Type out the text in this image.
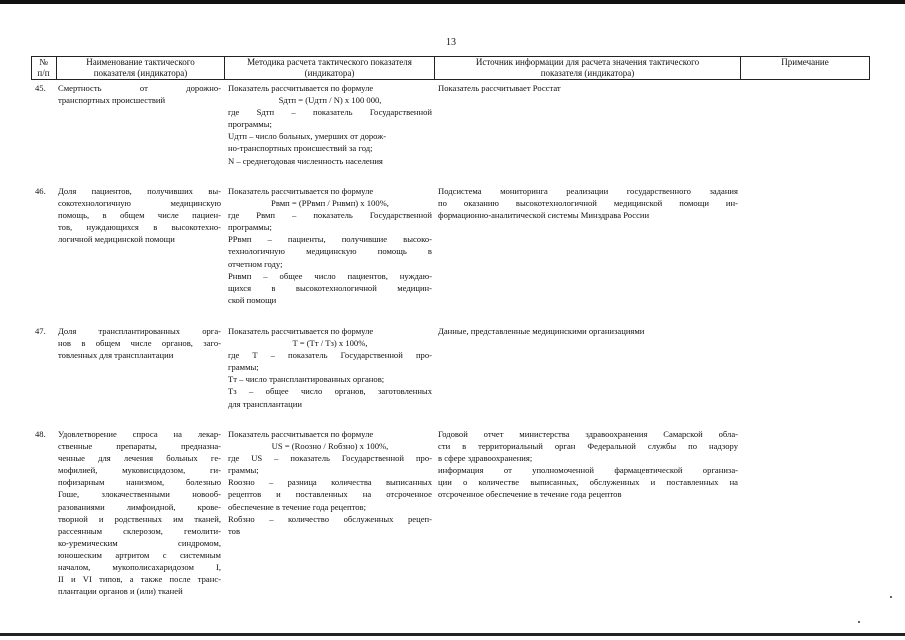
13
№
п/п
Наименование тактического
показателя (индикатора)
Методика расчета тактического показателя
(индикатора)
Источник информации для расчета значения тактического
показателя (индикатора)
Примечание
45. Смертность от дорожно-
транспортных происшествий
Показатель рассчитывается по формуле
Sдтп = (Uдтп / N) x 100 000,
где Sдтп – показатель Государственной
программы;
Uдтп – число больных, умерших от дорож-
но-транспортных происшествий за год;
N – среднегодовая численность населения
Показатель рассчитывает Росстат
46. Доля пациентов, получивших вы-
сокотехнологичную медицинскую
помощь, в общем числе пациен-
тов, нуждающихся в высокотехно-
логичной медицинской помощи
Показатель рассчитывается по формуле
Pвмп = (PPвмп / Pнвмп) x 100%,
где Pвмп – показатель Государственной
программы;
PPвмп – пациенты, получившие высоко-
технологичную медицинскую помощь в
отчетном году;
Pнвмп – общее число пациентов, нуждаю-
щихся в высокотехнологичной медицин-
ской помощи
Подсистема мониторинга реализации государственного задания
по оказанию высокотехнологичной медицинской помощи ин-
формационно-аналитической системы Минздрава России
47. Доля трансплантированных орга-
нов в общем числе органов, заго-
товленных для трансплантации
Показатель рассчитывается по формуле
T = (Tт / Tз) x 100%,
где T – показатель Государственной про-
граммы;
Tт – число трансплантированных органов;
Tз – общее число органов, заготовленных
для трансплантации
Данные, представленные медицинскими организациями
48. Удовлетворение спроса на лекар-
ственные препараты, предназна-
ченные для лечения больных ге-
мофилией, муковисцидозом, ги-
пофизарным нанизмом, болезнью
Гоше, злокачественными новооб-
разованиями лимфоидной, крове-
творной и родственных им тканей,
рассеянным склерозом, гемолити-
ко-уремическим синдромом,
юношеским артритом с системным
началом, мукополисахаридозом I,
II и VI типов, а также после транс-
плантации органов и (или) тканей
Показатель рассчитывается по формуле
US = (Rоозно / Rобзно) x 100%,
где US – показатель Государственной про-
граммы;
Rоозно – разница количества выписанных
рецептов и поставленных на отсроченное
обеспечение в течение года рецептов;
Rобзно – количество обслуженных рецеп-
тов
Годовой отчет министерства здравоохранения Самарской обла-
сти в территориальный орган Федеральной службы по надзору
в сфере здравоохранения;
информация от уполномоченной фармацевтической организа-
ции о количестве выписанных, обслуженных и поставленных на
отсроченное обеспечение в течение года рецептов
